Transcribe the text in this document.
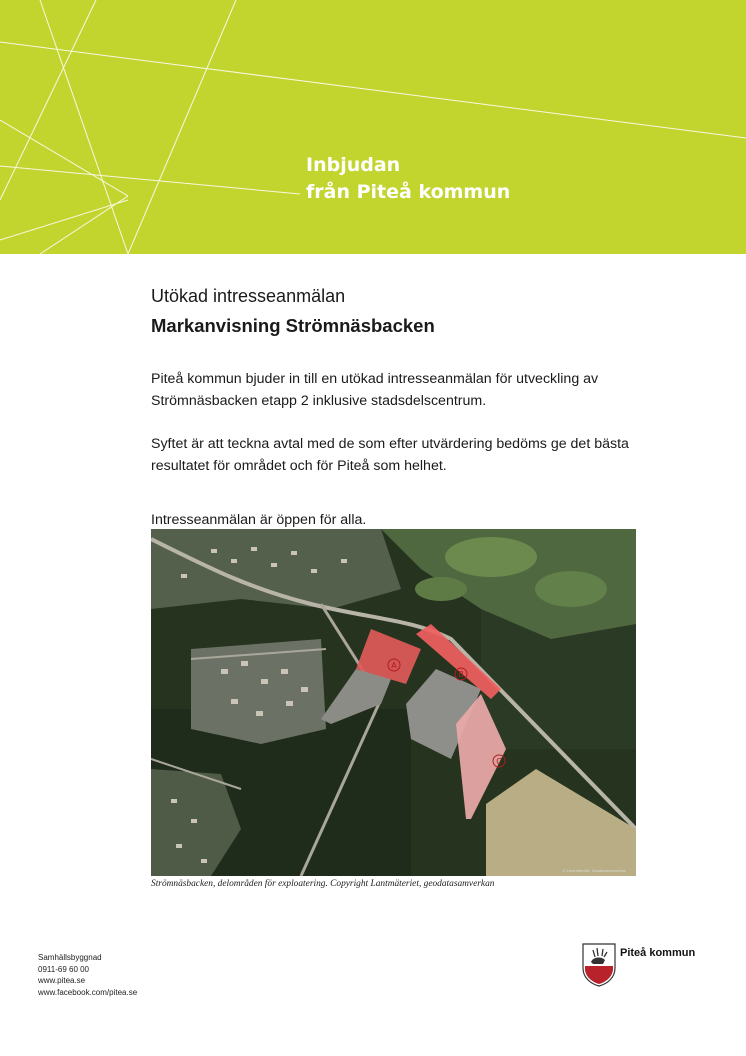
Inbjudan
från Piteå kommun
Utökad intresseanmälan
Markanvisning Strömnäsbacken

Piteå kommun bjuder in till en utökad intresseanmälan för utveckling av Strömnäsbacken etapp 2 inklusive stadsdelscentrum.

Syftet är att teckna avtal med de som efter utvärdering bedöms ge det bästa resultatet för området och för Piteå som helhet.

Intresseanmälan är öppen för alla.

A
B
C
© Lantmäteriet, Geodatasamverkan
Strömnäsbacken, delområden för exploatering. Copyright Lantmäteriet, geodatasamverkan
Samhällsbyggnad
0911-69 60 00
www.pitea.se
www.facebook.com/pitea.se
Piteå kommun
